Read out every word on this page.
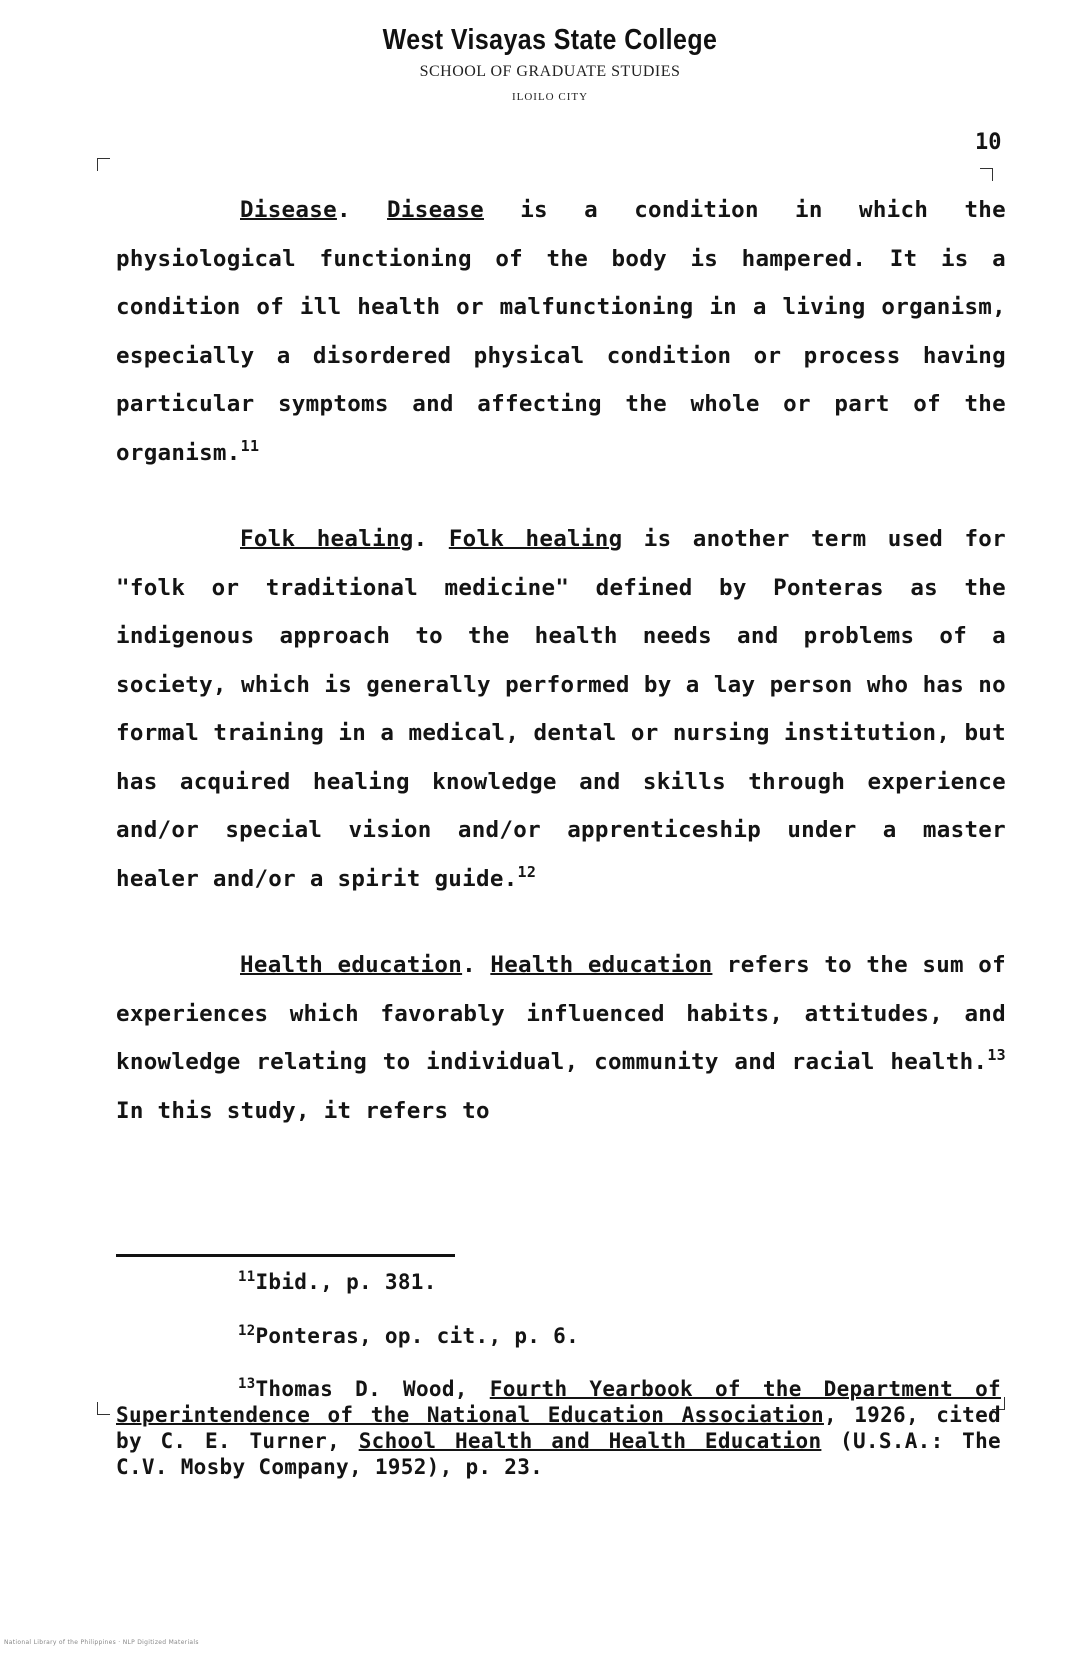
West Visayas State College
SCHOOL OF GRADUATE STUDIES
ILOILO CITY
10

Disease. Disease is a condition in which the physiological functioning of the body is hampered. It is a condition of ill health or malfunctioning in a living organism, especially a disordered physical condition or process having particular symptoms and affecting the whole or part of the organism.$^{11}$

Folk healing. Folk healing is another term used for "folk or traditional medicine" defined by Ponteras as the indigenous approach to the health needs and problems of a society, which is generally performed by a lay person who has no formal training in a medical, dental or nursing institution, but has acquired healing knowledge and skills through experience and/or special vision and/or apprenticeship under a master healer and/or a spirit guide.$^{12}$

Health education. Health education refers to the sum of experiences which favorably influenced habits, attitudes, and knowledge relating to individual, community and racial health.$^{13}$ In this study, it refers to

$^{11}$Ibid., p. 381.
$^{12}$Ponteras, op. cit., p. 6.
$^{13}$Thomas D. Wood, Fourth Yearbook of the Department of Superintendence of the National Education Association, 1926, cited by C. E. Turner, School Health and Health Education (U.S.A.: The C.V. Mosby Company, 1952), p. 23.
National Library of the Philippines · NLP Digitized Materials
